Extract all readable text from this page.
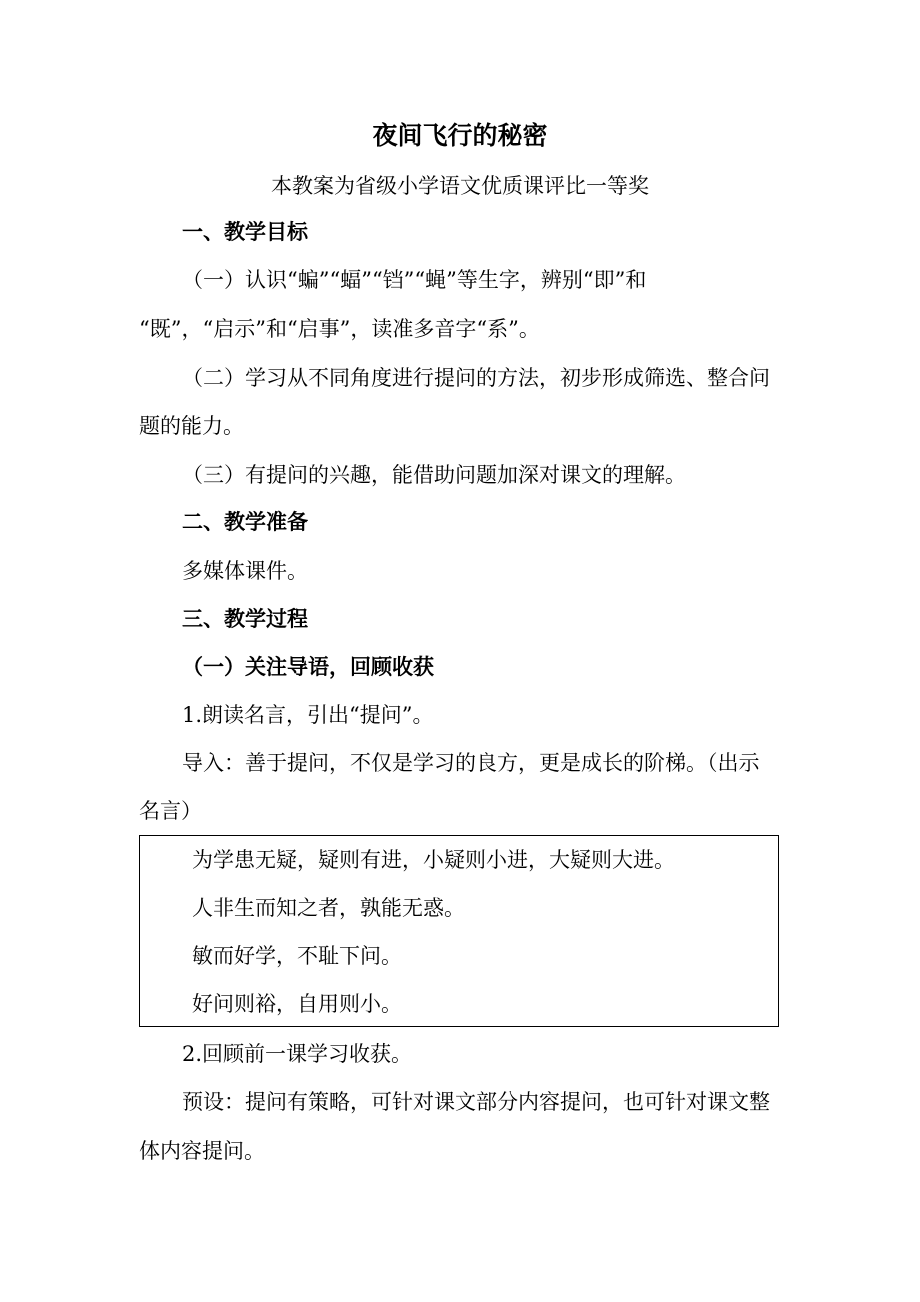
夜间飞行的秘密
本教案为省级小学语文优质课评比一等奖
一、教学目标
（一）认识“蝙”“蝠”“铛”“蝇”等生字，辨别“即”和
“既”，“启示”和“启事”，读准多音字“系”。
（二）学习从不同角度进行提问的方法，初步形成筛选、整合问
题的能力。
（三）有提问的兴趣，能借助问题加深对课文的理解。
二、教学准备
多媒体课件。
三、教学过程
（一）关注导语，回顾收获
1.朗读名言，引出“提问”。
导入：善于提问，不仅是学习的良方，更是成长的阶梯。（出示
名言）
为学患无疑，疑则有进，小疑则小进，大疑则大进。
人非生而知之者，孰能无惑。
敏而好学，不耻下问。
好问则裕，自用则小。
2.回顾前一课学习收获。
预设：提问有策略，可针对课文部分内容提问，也可针对课文整
体内容提问。
